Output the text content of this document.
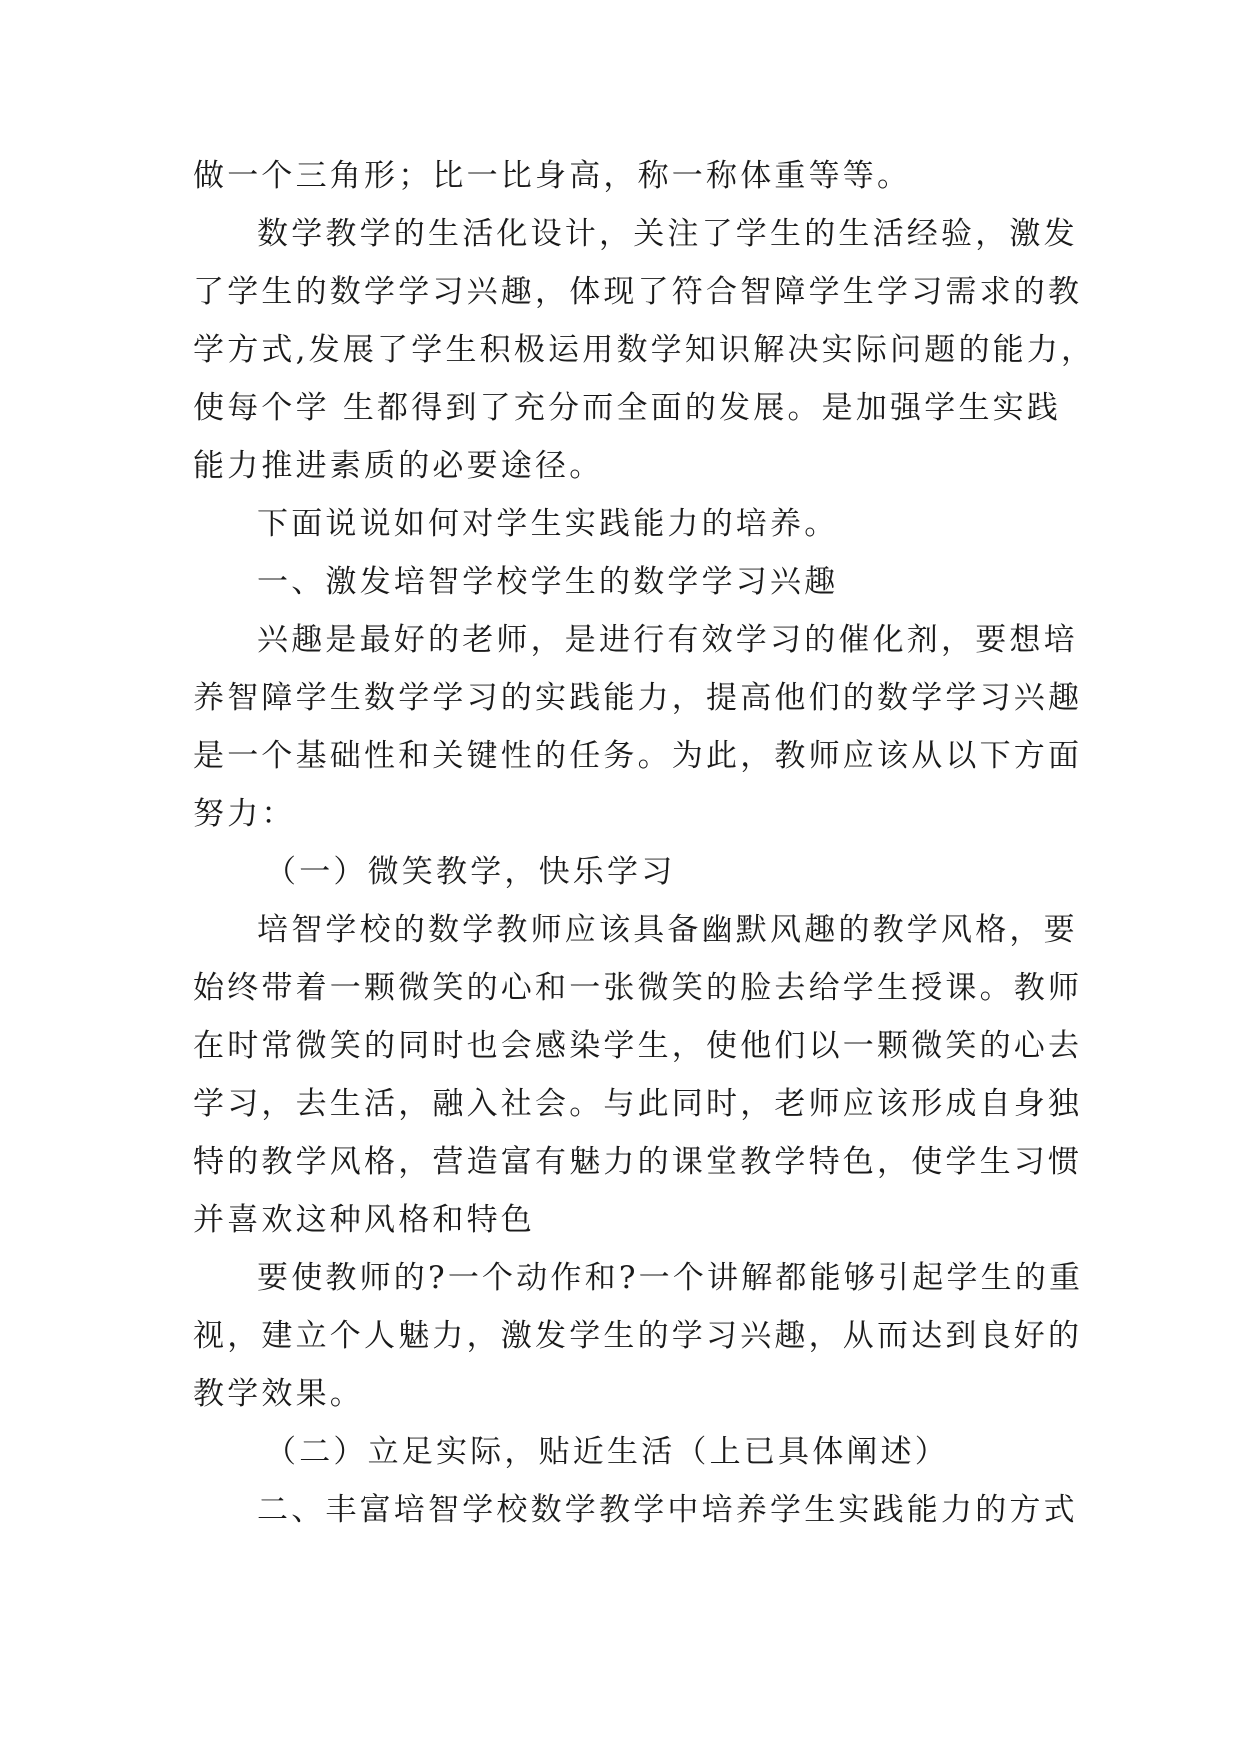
做一个三角形；比一比身高，称一称体重等等。
数学教学的生活化设计，关注了学生的生活经验，激发
了学生的数学学习兴趣，体现了符合智障学生学习需求的教
学方式,发展了学生积极运用数学知识解决实际问题的能力，
使每个学 生都得到了充分而全面的发展。是加强学生实践
能力推进素质的必要途径。
下面说说如何对学生实践能力的培养。
一、激发培智学校学生的数学学习兴趣
兴趣是最好的老师，是进行有效学习的催化剂，要想培
养智障学生数学学习的实践能力，提高他们的数学学习兴趣
是一个基础性和关键性的任务。为此，教师应该从以下方面
努力：
（一）微笑教学，快乐学习
培智学校的数学教师应该具备幽默风趣的教学风格，要
始终带着一颗微笑的心和一张微笑的脸去给学生授课。教师
在时常微笑的同时也会感染学生，使他们以一颗微笑的心去
学习，去生活，融入社会。与此同时，老师应该形成自身独
特的教学风格，营造富有魅力的课堂教学特色，使学生习惯
并喜欢这种风格和特色
要使教师的?一个动作和?一个讲解都能够引起学生的重
视，建立个人魅力，激发学生的学习兴趣，从而达到良好的
教学效果。
（二）立足实际，贴近生活（上已具体阐述）
二、丰富培智学校数学教学中培养学生实践能力的方式
